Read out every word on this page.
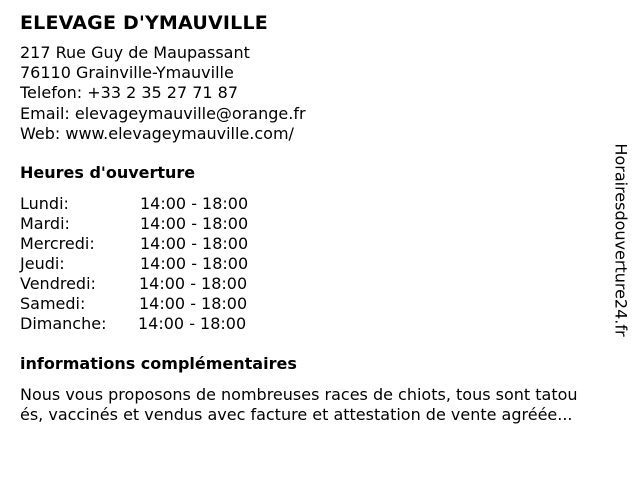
ELEVAGE D'YMAUVILLE
217 Rue Guy de Maupassant
76110 Grainville-Ymauville
Telefon: +33 2 35 27 71 87
Email: elevageymauville@orange.fr
Web: www.elevageymauville.com/
Heures d'ouverture
Lundi:	14:00 - 18:00
Mardi:	14:00 - 18:00
Mercredi:	14:00 - 18:00
Jeudi:	14:00 - 18:00
Vendredi:	14:00 - 18:00
Samedi:	14:00 - 18:00
Dimanche: 14:00 - 18:00
informations complémentaires
Nous vous proposons de nombreuses races de chiots, tous sont tatou
és, vaccinés et vendus avec facture et attestation de vente agréée...
Horairesdouverture24.fr
